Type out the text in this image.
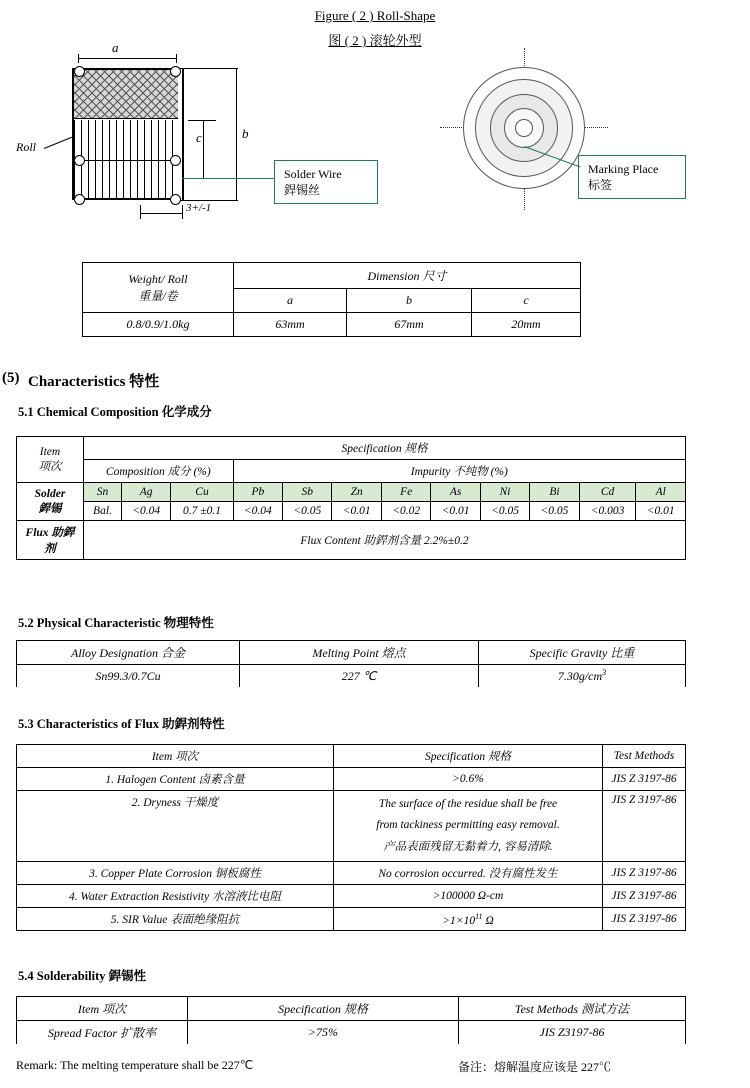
Figure ( 2 ) Roll-Shape
图 ( 2 ) 滚轮外型
Roll
a
b
c
3+/-1
Solder Wire
銲锡丝
Marking Place
标签
Weight/ Roll
重量/卷	Dimension 尺寸		
	a	b	c
0.8/0.9/1.0kg	63mm	67mm	20mm
(5) Characteristics 特性
5.1 Chemical Composition 化学成分
Item
项次	Specification 规格											
	Composition 成分 (%)			Impurity 不纯物 (%)								

Solder
銲锡	Sn	Ag	Cu	Pb	Sb	Zn	Fe	As	Ni	Bi	Cd	Al
	Bal.	<0.04	0.7 ±0.1	<0.04	<0.05	<0.01	<0.02	<0.01	<0.05	<0.05	<0.003	<0.01
Flux 助銲剂	Flux Content 助銲剂含量 2.2%±0.2											
5.2 Physical Characteristic 物理特性
Alloy Designation 合金	Melting Point 熔点	Specific Gravity 比重
Sn99.3/0.7Cu	227 ℃	$7.30g/cm^3$
5.3 Characteristics of Flux 助銲剂特性
Item 项次	Specification 规格	Test Methods
1. Halogen Content 卤素含量	>0.6%	JIS Z 3197-86
2. Dryness 干燥度	The surface of the residue shall be free
from tackiness permitting easy removal.
产品表面残留无黏着力, 容易清除.	JIS Z 3197-86
3. Copper Plate Corrosion 铜板腐性	No corrosion occurred. 没有腐性发生	JIS Z 3197-86
4. Water Extraction Resistivity 水溶液比电阻	>100000 Ω-cm	JIS Z 3197-86
5. SIR Value 表面绝缘阻抗	$>1\times 10^{11}$ Ω	JIS Z 3197-86
5.4 Solderability 銲锡性
Item 项次	Specification 规格	Test Methods 测试方法
Spread Factor 扩散率	>75%	JIS Z3197-86
Remark: The melting temperature shall be 227℃	备注：熔解温度应该是 227℃
